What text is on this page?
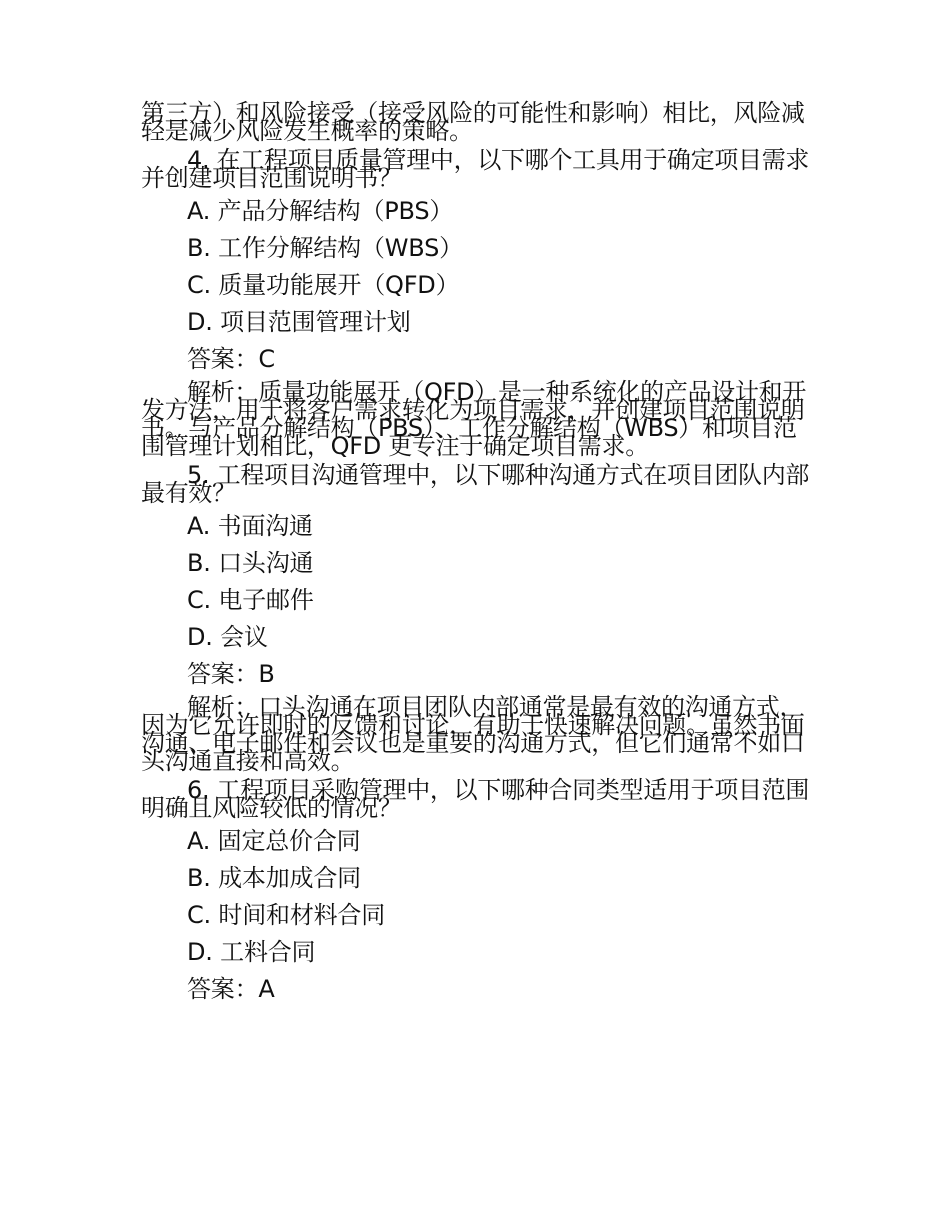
第三方）和风险接受（接受风险的可能性和影响）相比，风险减轻是减少风险发生概率的策略。

4. 在工程项目质量管理中，以下哪个工具用于确定项目需求并创建项目范围说明书？

A. 产品分解结构（PBS）

B. 工作分解结构（WBS）

C. 质量功能展开（QFD）

D. 项目范围管理计划

答案：C

解析：质量功能展开（QFD）是一种系统化的产品设计和开发方法，用于将客户需求转化为项目需求，并创建项目范围说明书。与产品分解结构（PBS）、工作分解结构（WBS）和项目范围管理计划相比，QFD 更专注于确定项目需求。

5. 工程项目沟通管理中，以下哪种沟通方式在项目团队内部最有效？

A. 书面沟通

B. 口头沟通

C. 电子邮件

D. 会议

答案：B

解析：口头沟通在项目团队内部通常是最有效的沟通方式，因为它允许即时的反馈和讨论，有助于快速解决问题。虽然书面沟通、电子邮件和会议也是重要的沟通方式，但它们通常不如口头沟通直接和高效。

6. 工程项目采购管理中，以下哪种合同类型适用于项目范围明确且风险较低的情况？

A. 固定总价合同

B. 成本加成合同

C. 时间和材料合同

D. 工料合同

答案：A
